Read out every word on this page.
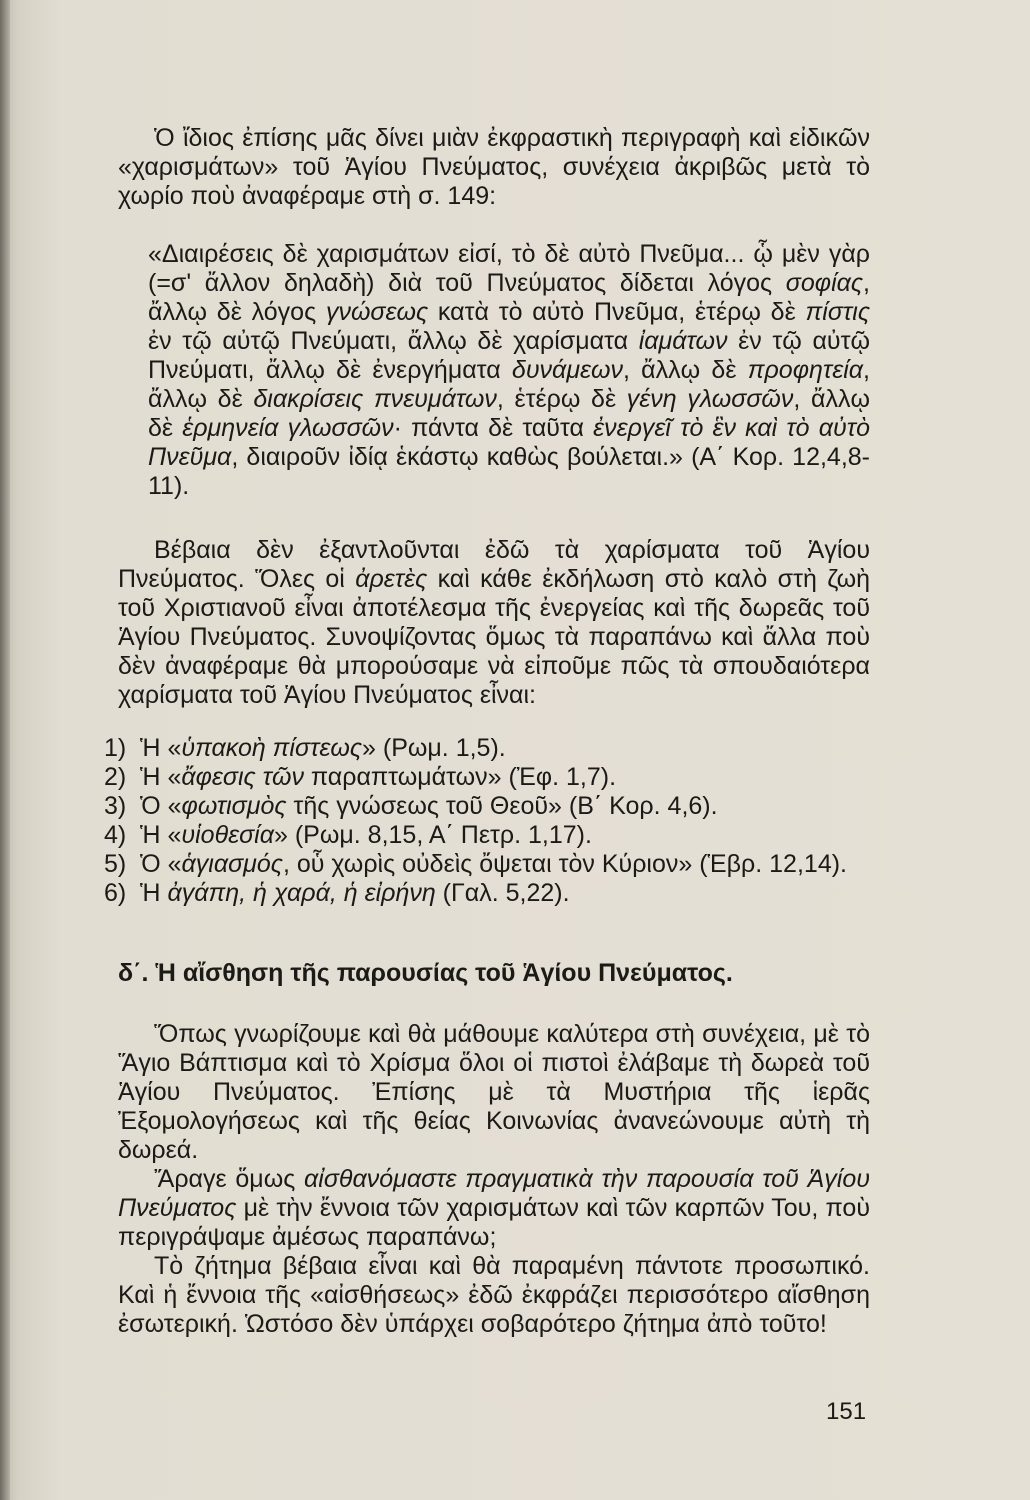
Ὁ ἴδιος ἐπίσης μᾶς δίνει μιὰν ἐκφραστικὴ περιγραφὴ καὶ εἰδικῶν «χαρισμάτων» τοῦ Ἁγίου Πνεύματος, συνέχεια ἀκριβῶς μετὰ τὸ χωρίο ποὺ ἀναφέραμε στὴ σ. 149:

«Διαιρέσεις δὲ χαρισμάτων εἰσί, τὸ δὲ αὐτὸ Πνεῦμα... ᾧ μὲν γὰρ (=σ' ἄλλον δηλαδὴ) διὰ τοῦ Πνεύματος δίδεται λόγος σοφίας, ἄλλῳ δὲ λόγος γνώσεως κατὰ τὸ αὐτὸ Πνεῦμα, ἑτέρῳ δὲ πίστις ἐν τῷ αὐτῷ Πνεύματι, ἄλλῳ δὲ χαρίσματα ἰαμάτων ἐν τῷ αὐτῷ Πνεύματι, ἄλλῳ δὲ ἐνεργήματα δυνάμεων, ἄλλῳ δὲ προφητεία, ἄλλῳ δὲ διακρίσεις πνευμάτων, ἑτέρῳ δὲ γένη γλωσσῶν, ἄλλῳ δὲ ἑρμηνεία γλωσσῶν· πάντα δὲ ταῦτα ἐνεργεῖ τὸ ἓν καὶ τὸ αὐτὸ Πνεῦμα, διαιροῦν ἰδίᾳ ἑκάστῳ καθὼς βούλεται.» (Α΄ Κορ. 12,4,8-11).

Βέβαια δὲν ἐξαντλοῦνται ἐδῶ τὰ χαρίσματα τοῦ Ἁγίου Πνεύματος. Ὅλες οἱ ἀρετὲς καὶ κάθε ἐκδήλωση στὸ καλὸ στὴ ζωὴ τοῦ Χριστιανοῦ εἶναι ἀποτέλεσμα τῆς ἐνεργείας καὶ τῆς δωρεᾶς τοῦ Ἁγίου Πνεύματος. Συνοψίζοντας ὅμως τὰ παραπάνω καὶ ἄλλα ποὺ δὲν ἀναφέραμε θὰ μπορούσαμε νὰ εἰποῦμε πῶς τὰ σπουδαιότερα χαρίσματα τοῦ Ἁγίου Πνεύματος εἶναι:

1) Ἡ «ὑπακοὴ πίστεως» (Ρωμ. 1,5).
2) Ἡ «ἄφεσις τῶν παραπτωμάτων» (Ἐφ. 1,7).
3) Ὁ «φωτισμὸς τῆς γνώσεως τοῦ Θεοῦ» (Β΄ Κορ. 4,6).
4) Ἡ «υἱοθεσία» (Ρωμ. 8,15, Α΄ Πετρ. 1,17).
5) Ὁ «ἁγιασμός, οὗ χωρὶς οὐδεὶς ὄψεται τὸν Κύριον» (Ἑβρ. 12,14).
6) Ἡ ἀγάπη, ἡ χαρά, ἡ εἰρήνη (Γαλ. 5,22).
δ΄. Ἡ αἴσθηση τῆς παρουσίας τοῦ Ἁγίου Πνεύματος.

Ὅπως γνωρίζουμε καὶ θὰ μάθουμε καλύτερα στὴ συνέχεια, μὲ τὸ Ἅγιο Βάπτισμα καὶ τὸ Χρίσμα ὅλοι οἱ πιστοὶ ἐλάβαμε τὴ δωρεὰ τοῦ Ἁγίου Πνεύματος. Ἐπίσης μὲ τὰ Μυστήρια τῆς ἱερᾶς Ἐξομολογήσεως καὶ τῆς θείας Κοινωνίας ἀνανεώνουμε αὐτὴ τὴ δωρεά.

Ἄραγε ὅμως αἰσθανόμαστε πραγματικὰ τὴν παρουσία τοῦ Ἁγίου Πνεύματος μὲ τὴν ἔννοια τῶν χαρισμάτων καὶ τῶν καρπῶν Του, ποὺ περιγράψαμε ἀμέσως παραπάνω;

Τὸ ζήτημα βέβαια εἶναι καὶ θὰ παραμένη πάντοτε προσωπικό. Καὶ ἡ ἔννοια τῆς «αἰσθήσεως» ἐδῶ ἐκφράζει περισσότερο αἴσθηση ἐσωτερική. Ὡστόσο δὲν ὑπάρχει σοβαρότερο ζήτημα ἀπὸ τοῦτο!

151
